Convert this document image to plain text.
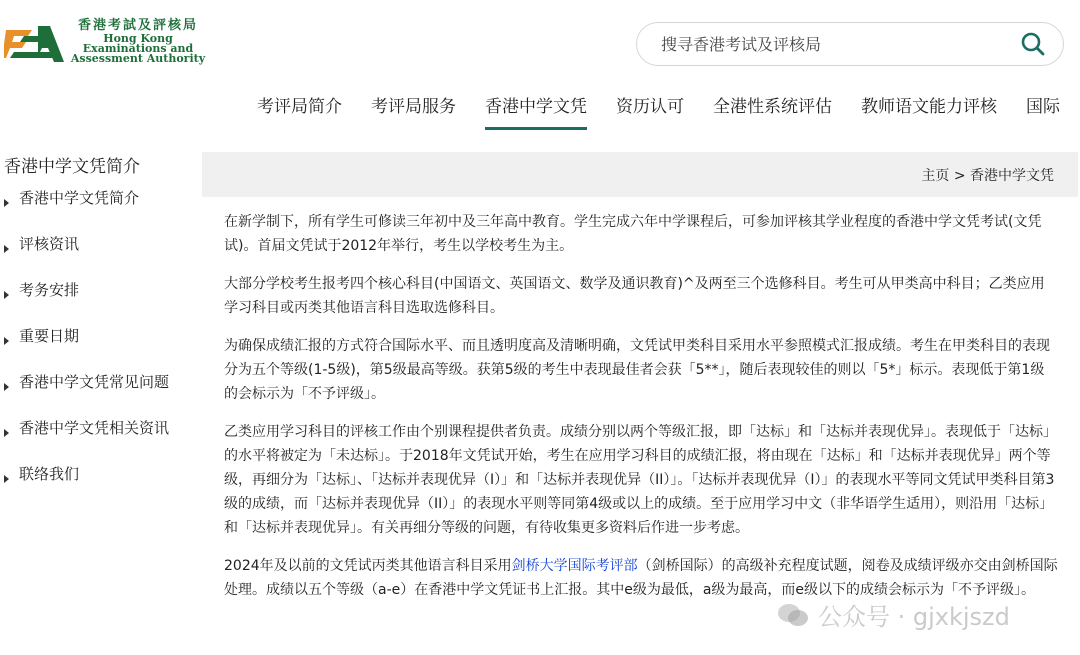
香港考試及評核局
Hong Kong
Examinations and
Assessment Authority
搜寻香港考试及评核局
考评局简介 考评局服务 香港中学文凭 资历认可 全港性系统评估 教师语文能力评核 国际
香港中学文凭简介
香港中学文凭简介
评核资讯
考务安排
重要日期
香港中学文凭常见问题
香港中学文凭相关资讯
联络我们
主页 > 香港中学文凭

在新学制下，所有学生可修读三年初中及三年高中教育。学生完成六年中学课程后，可参加评核其学业程度的香港中学文凭考试(文凭试)。首届文凭试于2012年举行，考生以学校考生为主。

大部分学校考生报考四个核心科目(中国语文、英国语文、数学及通识教育)^及两至三个选修科目。考生可从甲类高中科目；乙类应用学习科目或丙类其他语言科目选取选修科目。

为确保成绩汇报的方式符合国际水平、而且透明度高及清晰明确，文凭试甲类科目采用水平参照模式汇报成绩。考生在甲类科目的表现分为五个等级(1-5级)，第5级最高等级。获第5级的考生中表现最佳者会获「5**」，随后表现较佳的则以「5*」标示。表现低于第1级的会标示为「不予评级」。

乙类应用学习科目的评核工作由个别课程提供者负责。成绩分别以两个等级汇报，即「达标」和「达标并表现优异」。表现低于「达标」的水平将被定为「未达标」。于2018年文凭试开始，考生在应用学习科目的成绩汇报，将由现在「达标」和「达标并表现优异」两个等级，再细分为「达标」、「达标并表现优异（I）」和「达标并表现优异（II）」。「达标并表现优异（I）」的表现水平等同文凭试甲类科目第3级的成绩，而「达标并表现优异（II）」的表现水平则等同第4级或以上的成绩。至于应用学习中文（非华语学生适用），则沿用「达标」和「达标并表现优异」。有关再细分等级的问题，有待收集更多资料后作进一步考虑。

2024年及以前的文凭试丙类其他语言科目采用剑桥大学国际考评部（剑桥国际）的高级补充程度试题，阅卷及成绩评级亦交由剑桥国际处理。成绩以五个等级（a-e）在香港中学文凭证书上汇报。其中e级为最低，a级为最高，而e级以下的成绩会标示为「不予评级」。

公众号 · gjxkjszd
